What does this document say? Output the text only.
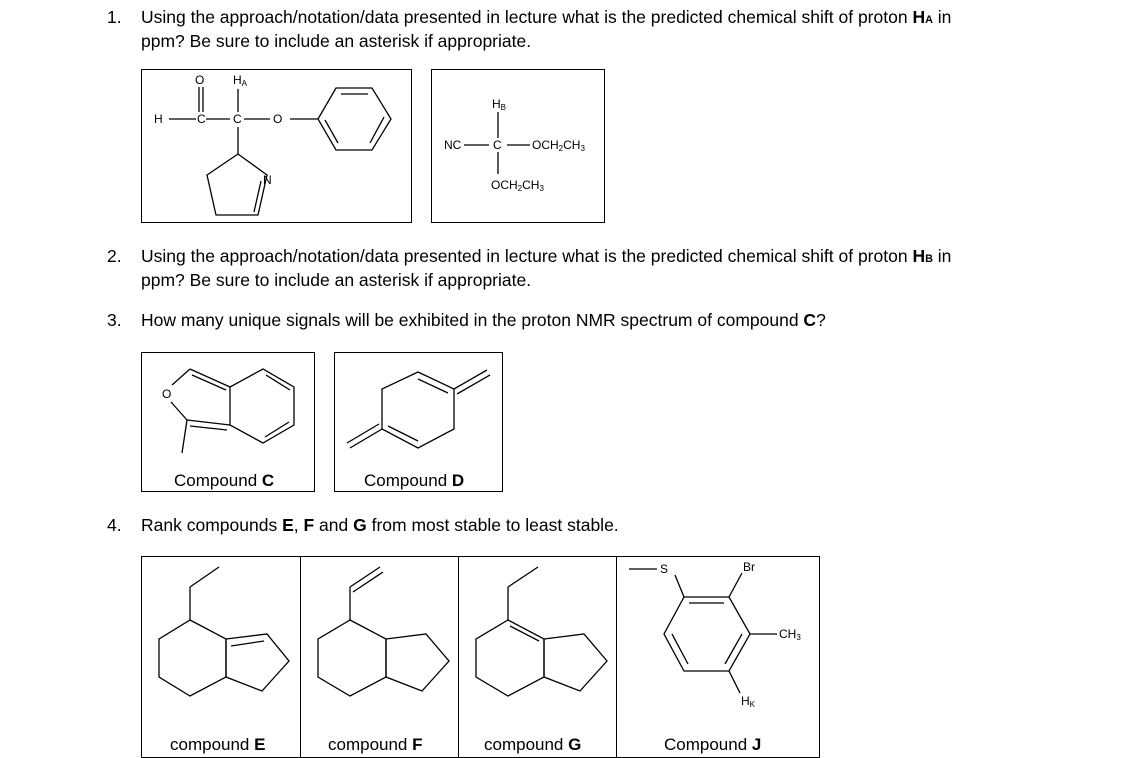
1.	Using the approach/notation/data presented in lecture what is the predicted chemical shift of proton HA in
ppm? Be sure to include an asterisk if appropriate.
O HA
H	C C	O
N
HB
NC	C	OCH2CH3
OCH2CH3
2.	Using the approach/notation/data presented in lecture what is the predicted chemical shift of proton HB in
ppm? Be sure to include an asterisk if appropriate.
3.	How many unique signals will be exhibited in the proton NMR spectrum of compound C?
O
Compound C	Compound D
4.	Rank compounds E, F and G from most stable to least stable.
compound E	compound F	compound G
S	Br
CH3
HK
Compound J
